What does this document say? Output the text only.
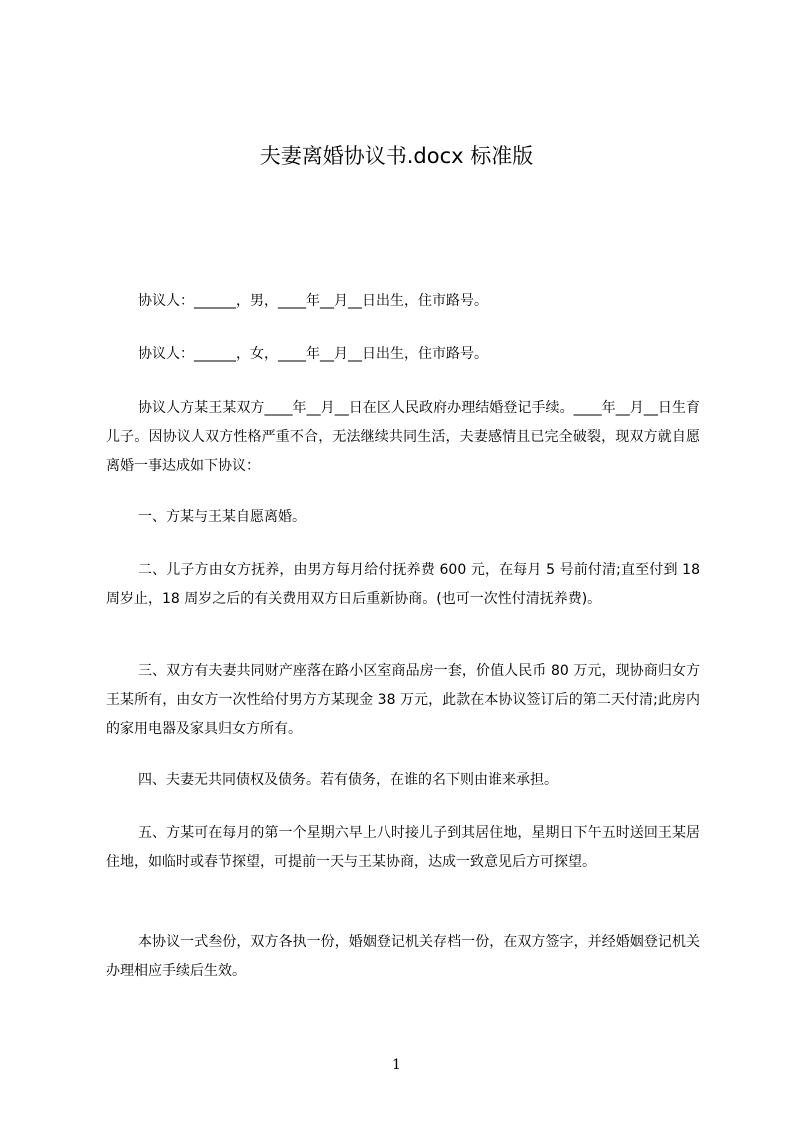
夫妻离婚协议书.docx 标准版

协议人：______，男，____年__月__日出生，住市路号。

协议人：______，女，____年__月__日出生，住市路号。

协议人方某王某双方____年__月__日在区人民政府办理结婚登记手续。____年__月__日生育儿子。因协议人双方性格严重不合，无法继续共同生活，夫妻感情且已完全破裂，现双方就自愿离婚一事达成如下协议：

一、方某与王某自愿离婚。

二、儿子方由女方抚养，由男方每月给付抚养费 600 元，在每月 5 号前付清;直至付到 18 周岁止，18 周岁之后的有关费用双方日后重新协商。(也可一次性付清抚养费)。

三、双方有夫妻共同财产座落在路小区室商品房一套，价值人民币 80 万元，现协商归女方王某所有，由女方一次性给付男方方某现金 38 万元，此款在本协议签订后的第二天付清;此房内的家用电器及家具归女方所有。

四、夫妻无共同债权及债务。若有债务，在谁的名下则由谁来承担。

五、方某可在每月的第一个星期六早上八时接儿子到其居住地，星期日下午五时送回王某居住地，如临时或春节探望，可提前一天与王某协商，达成一致意见后方可探望。

本协议一式叁份，双方各执一份，婚姻登记机关存档一份，在双方签字，并经婚姻登记机关办理相应手续后生效。

1
